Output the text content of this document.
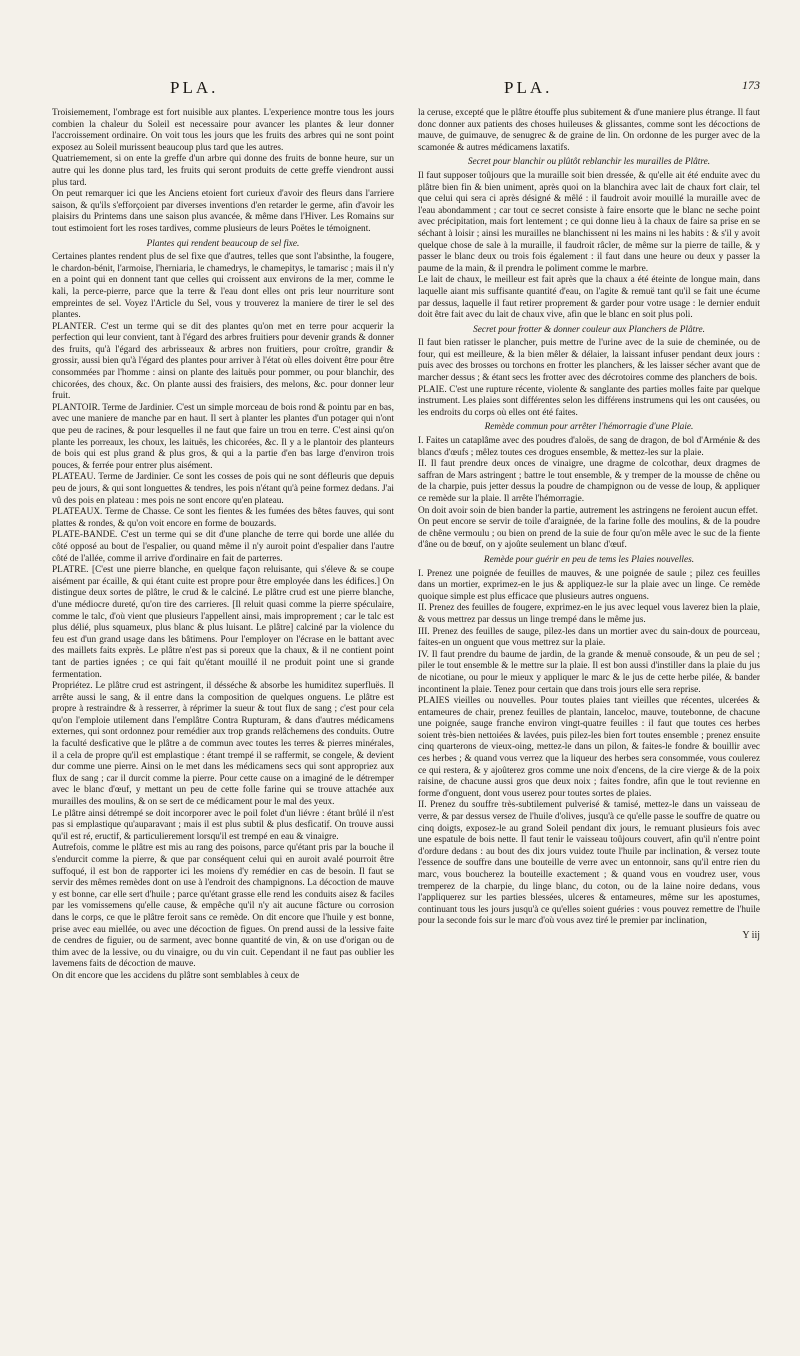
PLA.	PLA.	173

Troisiemement, l'ombrage est fort nuisible aux plantes. L'experience montre tous les jours combien la chaleur du Soleil est necessaire pour avancer les plantes & leur donner l'accroissement ordinaire. On voit tous les jours que les fruits des arbres qui ne sont point exposez au Soleil murissent beaucoup plus tard que les autres.

Quatriemement, si on ente la greffe d'un arbre qui donne des fruits de bonne heure, sur un autre qui les donne plus tard, les fruits qui seront produits de cette greffe viendront aussi plus tard.

On peut remarquer ici que les Anciens etoient fort curieux d'avoir des fleurs dans l'arriere saison, & qu'ils s'efforçoient par diverses inventions d'en retarder le germe, afin d'avoir les plaisirs du Printems dans une saison plus avancée, & même dans l'Hiver. Les Romains sur tout estimoient fort les roses tardives, comme plusieurs de leurs Poëtes le témoignent.

Plantes qui rendent beaucoup de sel fixe.

Certaines plantes rendent plus de sel fixe que d'autres, telles que sont l'absinthe, la fougere, le chardon-bénit, l'armoise, l'herniaria, le chamedrys, le chamepitys, le tamarisc ; mais il n'y en a point qui en donnent tant que celles qui croissent aux environs de la mer, comme le kali, la perce-pierre, parce que la terre & l'eau dont elles ont pris leur nourriture sont empreintes de sel. Voyez l'Article du Sel, vous y trouverez la maniere de tirer le sel des plantes.

PLANTER. C'est un terme qui se dit des plantes qu'on met en terre pour acquerir la perfection qui leur convient, tant à l'égard des arbres fruitiers pour devenir grands & donner des fruits, qu'à l'égard des arbrisseaux & arbres non fruitiers, pour croître, grandir & grossir, aussi bien qu'à l'égard des plantes pour arriver à l'état où elles doivent être pour être consommées par l'homme : ainsi on plante des laituës pour pommer, ou pour blanchir, des chicorées, des choux, &c. On plante aussi des fraisiers, des melons, &c. pour donner leur fruit.

PLANTOIR. Terme de Jardinier. C'est un simple morceau de bois rond & pointu par en bas, avec une maniere de manche par en haut. Il sert à planter les plantes d'un potager qui n'ont que peu de racines, & pour lesquelles il ne faut que faire un trou en terre. C'est ainsi qu'on plante les porreaux, les choux, les laituës, les chicorées, &c. Il y a le plantoir des planteurs de bois qui est plus grand & plus gros, & qui a la partie d'en bas large d'environ trois pouces, & ferrée pour entrer plus aisément.

PLATEAU. Terme de Jardinier. Ce sont les cosses de pois qui ne sont défleuris que depuis peu de jours, & qui sont longuettes & tendres, les pois n'étant qu'à peine formez dedans. J'ai vû des pois en plateau : mes pois ne sont encore qu'en plateau.

PLATEAUX. Terme de Chasse. Ce sont les fientes & les fumées des bêtes fauves, qui sont plattes & rondes, & qu'on voit encore en forme de bouzards.

PLATE-BANDE. C'est un terme qui se dit d'une planche de terre qui borde une allée du côté opposé au bout de l'espalier, ou quand même il n'y auroit point d'espalier dans l'autre côté de l'allée, comme il arrive d'ordinaire en fait de parterres.

PLATRE. [C'est une pierre blanche, en quelque façon reluisante, qui s'éleve & se coupe aisément par écaille, & qui étant cuite est propre pour être employée dans les édifices.] On distingue deux sortes de plâtre, le crud & le calciné. Le plâtre crud est une pierre blanche, d'une médiocre dureté, qu'on tire des carrieres. [Il reluit quasi comme la pierre spéculaire, comme le talc, d'où vient que plusieurs l'appellent ainsi, mais improprement ; car le talc est plus délié, plus squameux, plus blanc & plus luisant. Le plâtre] calciné par la violence du feu est d'un grand usage dans les bâtimens. Pour l'employer on l'écrase en le battant avec des maillets faits exprès. Le plâtre n'est pas si poreux que la chaux, & il ne contient point tant de parties ignées ; ce qui fait qu'étant mouillé il ne produit point une si grande fermentation.

Propriétez. Le plâtre crud est astringent, il désséche & absorbe les humiditez superfluës. Il arrête aussi le sang, & il entre dans la composition de quelques onguens. Le plâtre est propre à restraindre & à resserrer, à réprimer la sueur & tout flux de sang ; c'est pour cela qu'on l'emploie utilement dans l'emplâtre Contra Rupturam, & dans d'autres médicamens externes, qui sont ordonnez pour remédier aux trop grands relâchemens des conduits. Outre la faculté desficative que le plâtre a de commun avec toutes les terres & pierres minérales, il a cela de propre qu'il est emplastique : étant trempé il se raffermit, se congele, & devient dur comme une pierre. Ainsi on le met dans les médicamens secs qui sont appropriez aux flux de sang ; car il durcit comme la pierre. Pour cette cause on a imaginé de le détremper avec le blanc d'œuf, y mettant un peu de cette folle farine qui se trouve attachée aux murailles des moulins, & on se sert de ce médicament pour le mal des yeux.

Le plâtre ainsi détrempé se doit incorporer avec le poil folet d'un liévre : étant brûlé il n'est pas si emplastique qu'auparavant ; mais il est plus subtil & plus desficatif. On trouve aussi qu'il est ré, eructif, & particulierement lorsqu'il est trempé en eau & vinaigre.

Autrefois, comme le plâtre est mis au rang des poisons, parce qu'étant pris par la bouche il s'endurcit comme la pierre, & que par conséquent celui qui en auroit avalé pourroit être suffoqué, il est bon de rapporter ici les moiens d'y remédier en cas de besoin. Il faut se servir des mêmes remèdes dont on use à l'endroit des champignons. La décoction de mauve y est bonne, car elle sert d'huile ; parce qu'étant grasse elle rend les conduits aisez & faciles par les vomissemens qu'elle cause, & empêche qu'il n'y ait aucune fâcture ou corrosion dans le corps, ce que le plâtre feroit sans ce remède. On dit encore que l'huile y est bonne, prise avec eau miellée, ou avec une décoction de figues. On prend aussi de la lessive faite de cendres de figuier, ou de sarment, avec bonne quantité de vin, & on use d'origan ou de thim avec de la lessive, ou du vinaigre, ou du vin cuit. Cependant il ne faut pas oublier les lavemens faits de décoction de mauve.

On dit encore que les accidens du plâtre sont semblables à ceux de

la ceruse, excepté que le plâtre étouffe plus subitement & d'une maniere plus étrange. Il faut donc donner aux patients des choses huileuses & glissantes, comme sont les décoctions de mauve, de guimauve, de senugrec & de graine de lin. On ordonne de les purger avec de la scamonée & autres médicamens laxatifs.

Secret pour blanchir ou plûtôt reblanchir les murailles de Plâtre.

Il faut supposer toûjours que la muraille soit bien dressée, & qu'elle ait été enduite avec du plâtre bien fin & bien uniment, après quoi on la blanchira avec lait de chaux fort clair, tel que celui qui sera ci après désigné & mêlé : il faudroit avoir mouillé la muraille avec de l'eau abondamment ; car tout ce secret consiste à faire ensorte que le blanc ne seche point avec précipitation, mais fort lentement ; ce qui donne lieu à la chaux de faire sa prise en se séchant à loisir ; ainsi les murailles ne blanchissent ni les mains ni les habits : & s'il y avoit quelque chose de sale à la muraille, il faudroit râcler, de même sur la pierre de taille, & y passer le blanc deux ou trois fois également : il faut dans une heure ou deux y passer la paume de la main, & il prendra le poliment comme le marbre.

Le lait de chaux, le meilleur est fait après que la chaux a été éteinte de longue main, dans laquelle aiant mis suffisante quantité d'eau, on l'agite & remuë tant qu'il se fait une écume par dessus, laquelle il faut retirer proprement & garder pour votre usage : le dernier enduit doit être fait avec du lait de chaux vive, afin que le blanc en soit plus poli.

Secret pour frotter & donner couleur aux Planchers de Plâtre.

Il faut bien ratisser le plancher, puis mettre de l'urine avec de la suie de cheminée, ou de four, qui est meilleure, & la bien mêler & délaier, la laissant infuser pendant deux jours : puis avec des brosses ou torchons en frotter les planchers, & les laisser sécher avant que de marcher dessus ; & étant secs les frotter avec des décrotoires comme des planchers de bois.

PLAIE. C'est une rupture récente, violente & sanglante des parties molles faite par quelque instrument. Les plaies sont différentes selon les différens instrumens qui les ont causées, ou les endroits du corps où elles ont été faites.

Remède commun pour arrêter l'hémorragie d'une Plaie.

I. Faites un cataplâme avec des poudres d'aloës, de sang de dragon, de bol d'Arménie & des blancs d'œufs ; mêlez toutes ces drogues ensemble, & mettez-les sur la plaie.

II. Il faut prendre deux onces de vinaigre, une dragme de colcothar, deux dragmes de saffran de Mars astringent ; battre le tout ensemble, & y tremper de la mousse de chêne ou de la charpie, puis jetter dessus la poudre de champignon ou de vesse de loup, & appliquer ce remède sur la plaie. Il arrête l'hémorragie.

On doit avoir soin de bien bander la partie, autrement les astringens ne feroient aucun effet.

On peut encore se servir de toile d'araignée, de la farine folle des moulins, & de la poudre de chêne vermoulu ; ou bien on prend de la suie de four qu'on mêle avec le suc de la fiente d'âne ou de bœuf, on y ajoûte seulement un blanc d'œuf.

Remède pour guérir en peu de tems les Plaies nouvelles.

I. Prenez une poignée de feuilles de mauves, & une poignée de saule ; pilez ces feuilles dans un mortier, exprimez-en le jus & appliquez-le sur la plaie avec un linge. Ce remède quoique simple est plus efficace que plusieurs autres onguens.

II. Prenez des feuilles de fougere, exprimez-en le jus avec lequel vous laverez bien la plaie, & vous mettrez par dessus un linge trempé dans le même jus.

III. Prenez des feuilles de sauge, pilez-les dans un mortier avec du sain-doux de pourceau, faites-en un onguent que vous mettrez sur la plaie.

IV. Il faut prendre du baume de jardin, de la grande & menuë consoude, & un peu de sel ; piler le tout ensemble & le mettre sur la plaie. Il est bon aussi d'instiller dans la plaie du jus de nicotiane, ou pour le mieux y appliquer le marc & le jus de cette herbe pilée, & bander incontinent la plaie. Tenez pour certain que dans trois jours elle sera reprise.

PLAIES vieilles ou nouvelles. Pour toutes plaies tant vieilles que récentes, ulcerées & entameures de chair, prenez feuilles de plantain, lanceloc, mauve, toutebonne, de chacune une poignée, sauge franche environ vingt-quatre feuilles : il faut que toutes ces herbes soient très-bien nettoiées & lavées, puis pilez-les bien fort toutes ensemble ; prenez ensuite cinq quarterons de vieux-oing, mettez-le dans un pilon, & faites-le fondre & bouillir avec ces herbes ; & quand vous verrez que la liqueur des herbes sera consommée, vous coulerez ce qui restera, & y ajoûterez gros comme une noix d'encens, de la cire vierge & de la poix raisine, de chacune aussi gros que deux noix ; faites fondre, afin que le tout revienne en forme d'onguent, dont vous userez pour toutes sortes de plaies.

II. Prenez du souffre très-subtilement pulverisé & tamisé, mettez-le dans un vaisseau de verre, & par dessus versez de l'huile d'olives, jusqu'à ce qu'elle passe le souffre de quatre ou cinq doigts, exposez-le au grand Soleil pendant dix jours, le remuant plusieurs fois avec une espatule de bois nette. Il faut tenir le vaisseau toûjours couvert, afin qu'il n'entre point d'ordure dedans : au bout des dix jours vuidez toute l'huile par inclination, & versez toute l'essence de souffre dans une bouteille de verre avec un entonnoir, sans qu'il entre rien du marc, vous boucherez la bouteille exactement ; & quand vous en voudrez user, vous tremperez de la charpie, du linge blanc, du coton, ou de la laine noire dedans, vous l'appliquerez sur les parties blessées, ulceres & entameures, même sur les apostumes, continuant tous les jours jusqu'à ce qu'elles soient guéries : vous pouvez remettre de l'huile pour la seconde fois sur le marc d'où vous avez tiré le premier par inclination,

Y iij
